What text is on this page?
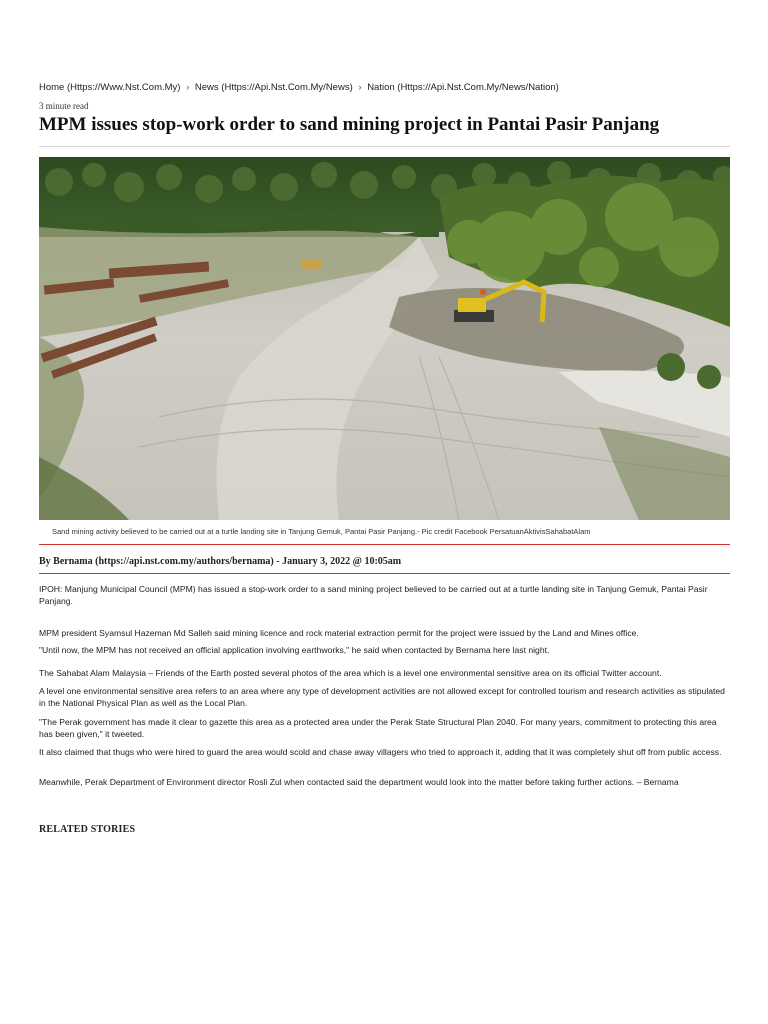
Home (Https://Www.Nst.Com.My) › News (Https://Api.Nst.Com.My/News) › Nation (Https://Api.Nst.Com.My/News/Nation)
3 minute read
MPM issues stop-work order to sand mining project in Pantai Pasir Panjang
Sand mining activity believed to be carried out at a turtle landing site in Tanjung Gemuk, Pantai Pasir Panjang.- Pic credit Facebook PersatuanAktivisSahabatAlam
By Bernama (https://api.nst.com.my/authors/bernama) - January 3, 2022 @ 10:05am

IPOH: Manjung Municipal Council (MPM) has issued a stop-work order to a sand mining project believed to be carried out at a turtle landing site in Tanjung Gemuk, Pantai Pasir Panjang.

MPM president Syamsul Hazeman Md Salleh said mining licence and rock material extraction permit for the project were issued by the Land and Mines office.

"Until now, the MPM has not received an official application involving earthworks," he said when contacted by Bernama here last night.

The Sahabat Alam Malaysia – Friends of the Earth posted several photos of the area which is a level one environmental sensitive area on its official Twitter account.

A level one environmental sensitive area refers to an area where any type of development activities are not allowed except for controlled tourism and research activities as stipulated in the National Physical Plan as well as the Local Plan.

"The Perak government has made it clear to gazette this area as a protected area under the Perak State Structural Plan 2040. For many years, commitment to protecting this area has been given," it tweeted.

It also claimed that thugs who were hired to guard the area would scold and chase away villagers who tried to approach it, adding that it was completely shut off from public access.

Meanwhile, Perak Department of Environment director Rosli Zul when contacted said the department would look into the matter before taking further actions. – Bernama

RELATED STORIES
